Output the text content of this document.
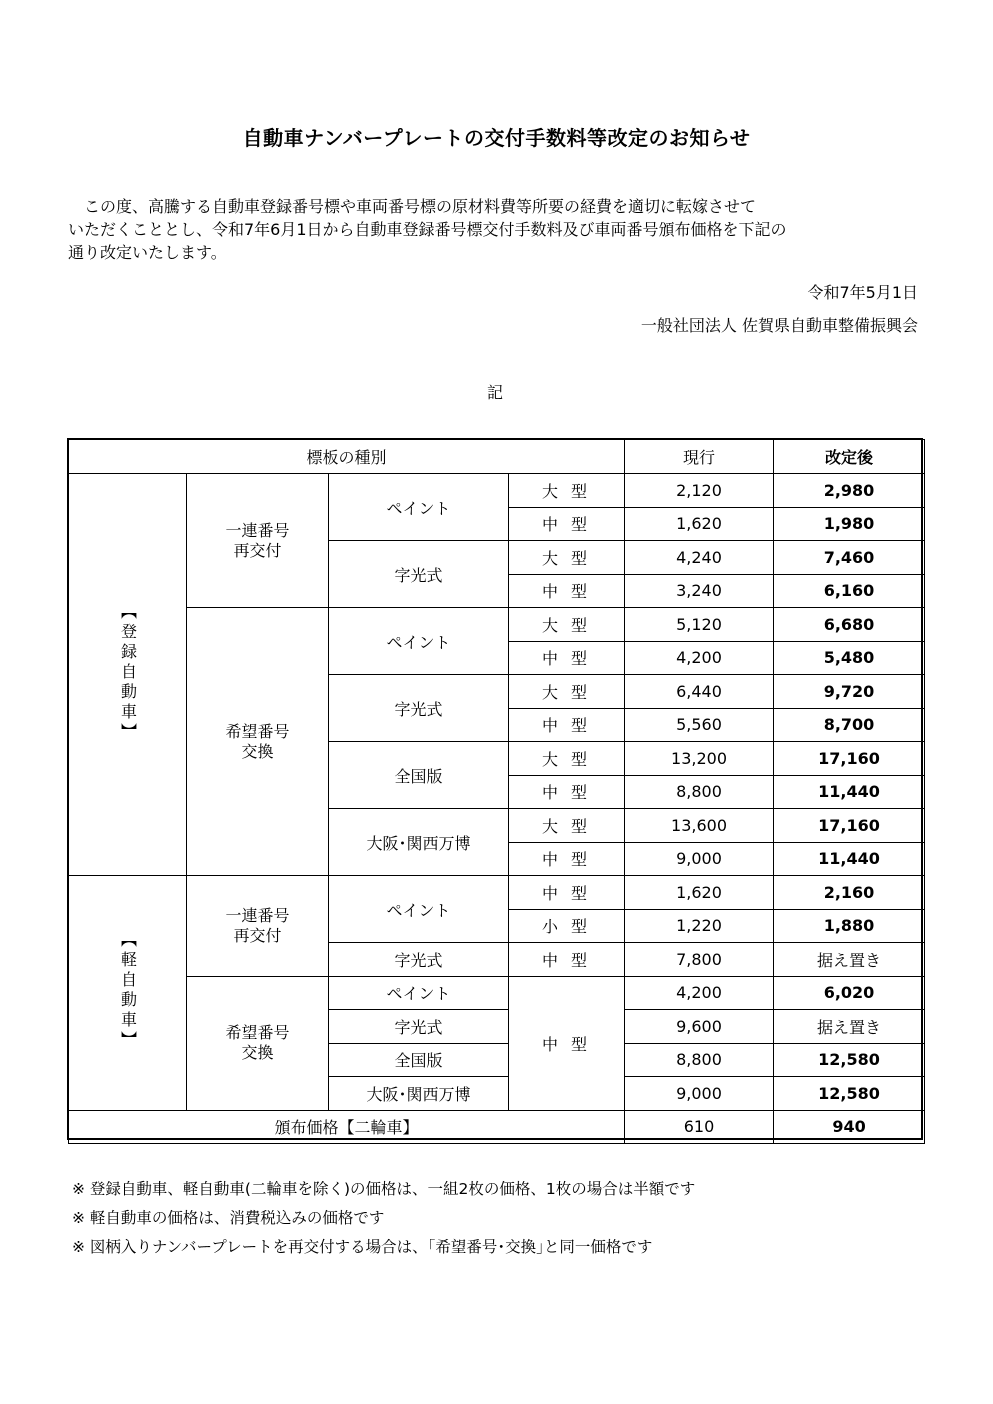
自動車ナンバープレートの交付手数料等改定のお知らせ

　この度、高騰する自動車登録番号標や車両番号標の原材料費等所要の経費を適切に転嫁させて

いただくこととし、令和7年6月1日から自動車登録番号標交付手数料及び車両番号頒布価格を下記の

通り改定いたします。

令和7年5月1日
一般社団法人 佐賀県自動車整備振興会
記
標板の種別				現行	改定後
【登録自動車】	一連番号
再交付	ペイント	大 型	2,120	2,980
			中 型	1,620	1,980
		字光式	大 型	4,240	7,460
			中 型	3,240	6,160
	希望番号
交換	ペイント	大 型	5,120	6,680
			中 型	4,200	5,480
		字光式	大 型	6,440	9,720
			中 型	5,560	8,700
		全国版	大 型	13,200	17,160
			中 型	8,800	11,440
		大阪･関西万博	大 型	13,600	17,160
			中 型	9,000	11,440
【軽自動車】	一連番号
再交付	ペイント	中 型	1,620	2,160
			小 型	1,220	1,880
		字光式	中 型	7,800	据え置き
	希望番号
交換	ペイント	中 型	4,200	6,020
		字光式		9,600	据え置き
		全国版		8,800	12,580
		大阪･関西万博		9,000	12,580
頒布価格【二輪車】				610	940
※ 登録自動車、軽自動車(二輪車を除く)の価格は、一組2枚の価格、1枚の場合は半額です
※ 軽自動車の価格は、消費税込みの価格です
※ 図柄入りナンバープレートを再交付する場合は、｢希望番号･交換｣と同一価格です
